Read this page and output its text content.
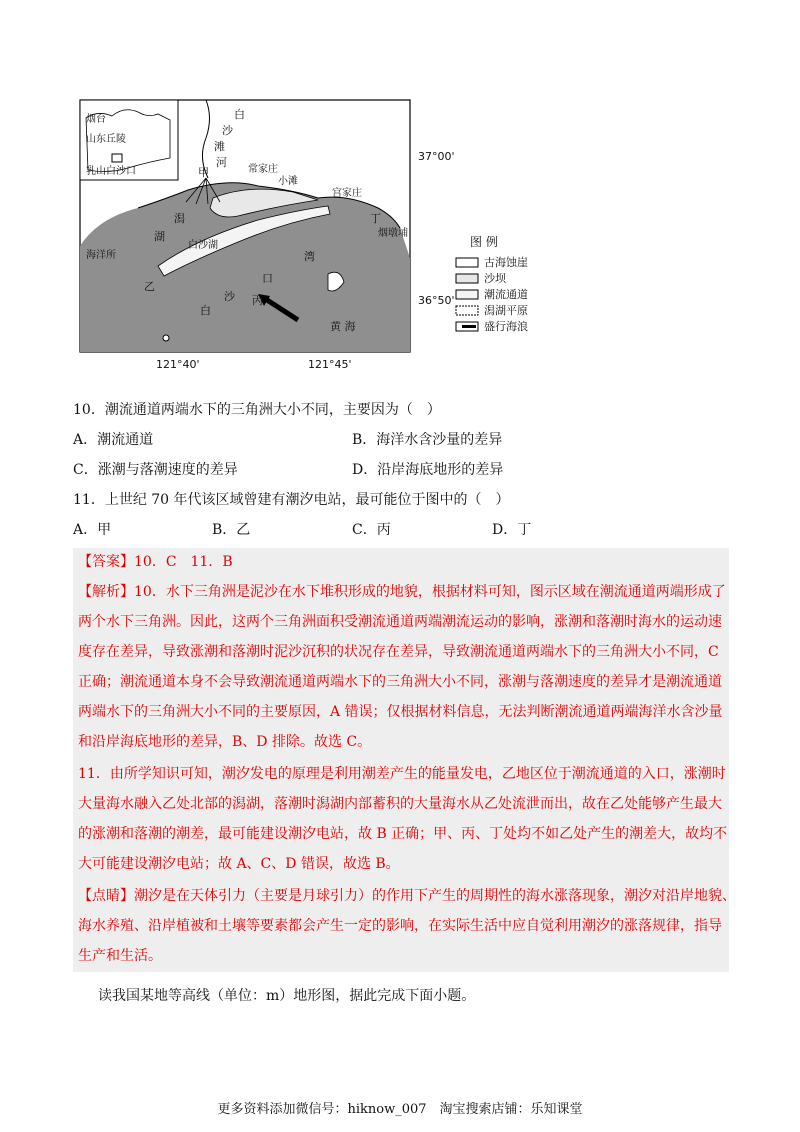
烟台
山东丘陵
乳山白沙口
37°00'
36°50'
121°40'	121°45'
白
沙
滩
河
甲	常家庄
小滩
宫家庄
丁
烟墩埔
海洋所
乙
丙
潟
湖
白沙湖
口
湾
白
沙
黄 海
图 例
古海蚀崖
沙坝
潮流通道
潟湖平原
盛行海浪
10．潮流通道两端水下的三角洲大小不同，主要因为（　）
A．潮流通道	B．海洋水含沙量的差异
C．涨潮与落潮速度的差异	D．沿岸海底地形的差异
11．上世纪 70 年代该区域曾建有潮汐电站，最可能位于图中的（　）
A．甲	B．乙	C．丙	D．丁
【答案】10．C　11．B
【解析】10．水下三角洲是泥沙在水下堆积形成的地貌，根据材料可知，图示区域在潮流通道两端形成了
两个水下三角洲。因此，这两个三角洲面积受潮流通道两端潮流运动的影响，涨潮和落潮时海水的运动速
度存在差异，导致涨潮和落潮时泥沙沉积的状况存在差异，导致潮流通道两端水下的三角洲大小不同，C
正确；潮流通道本身不会导致潮流通道两端水下的三角洲大小不同，涨潮与落潮速度的差异才是潮流通道
两端水下的三角洲大小不同的主要原因，A 错误；仅根据材料信息，无法判断潮流通道两端海洋水含沙量
和沿岸海底地形的差异，B、D 排除。故选 C。
11．由所学知识可知，潮汐发电的原理是利用潮差产生的能量发电，乙地区位于潮流通道的入口，涨潮时
大量海水融入乙处北部的潟湖，落潮时潟湖内部蓄积的大量海水从乙处流泄而出，故在乙处能够产生最大
的涨潮和落潮的潮差，最可能建设潮汐电站，故 B 正确；甲、丙、丁处均不如乙处产生的潮差大，故均不
大可能建设潮汐电站；故 A、C、D 错误，故选 B。
【点睛】潮汐是在天体引力（主要是月球引力）的作用下产生的周期性的海水涨落现象，潮汐对沿岸地貌、
海水养殖、沿岸植被和土壤等要素都会产生一定的影响，在实际生活中应自觉利用潮汐的涨落规律，指导
生产和生活。
读我国某地等高线（单位：m）地形图，据此完成下面小题。
更多资料添加微信号：hiknow_007　淘宝搜索店铺：乐知课堂
